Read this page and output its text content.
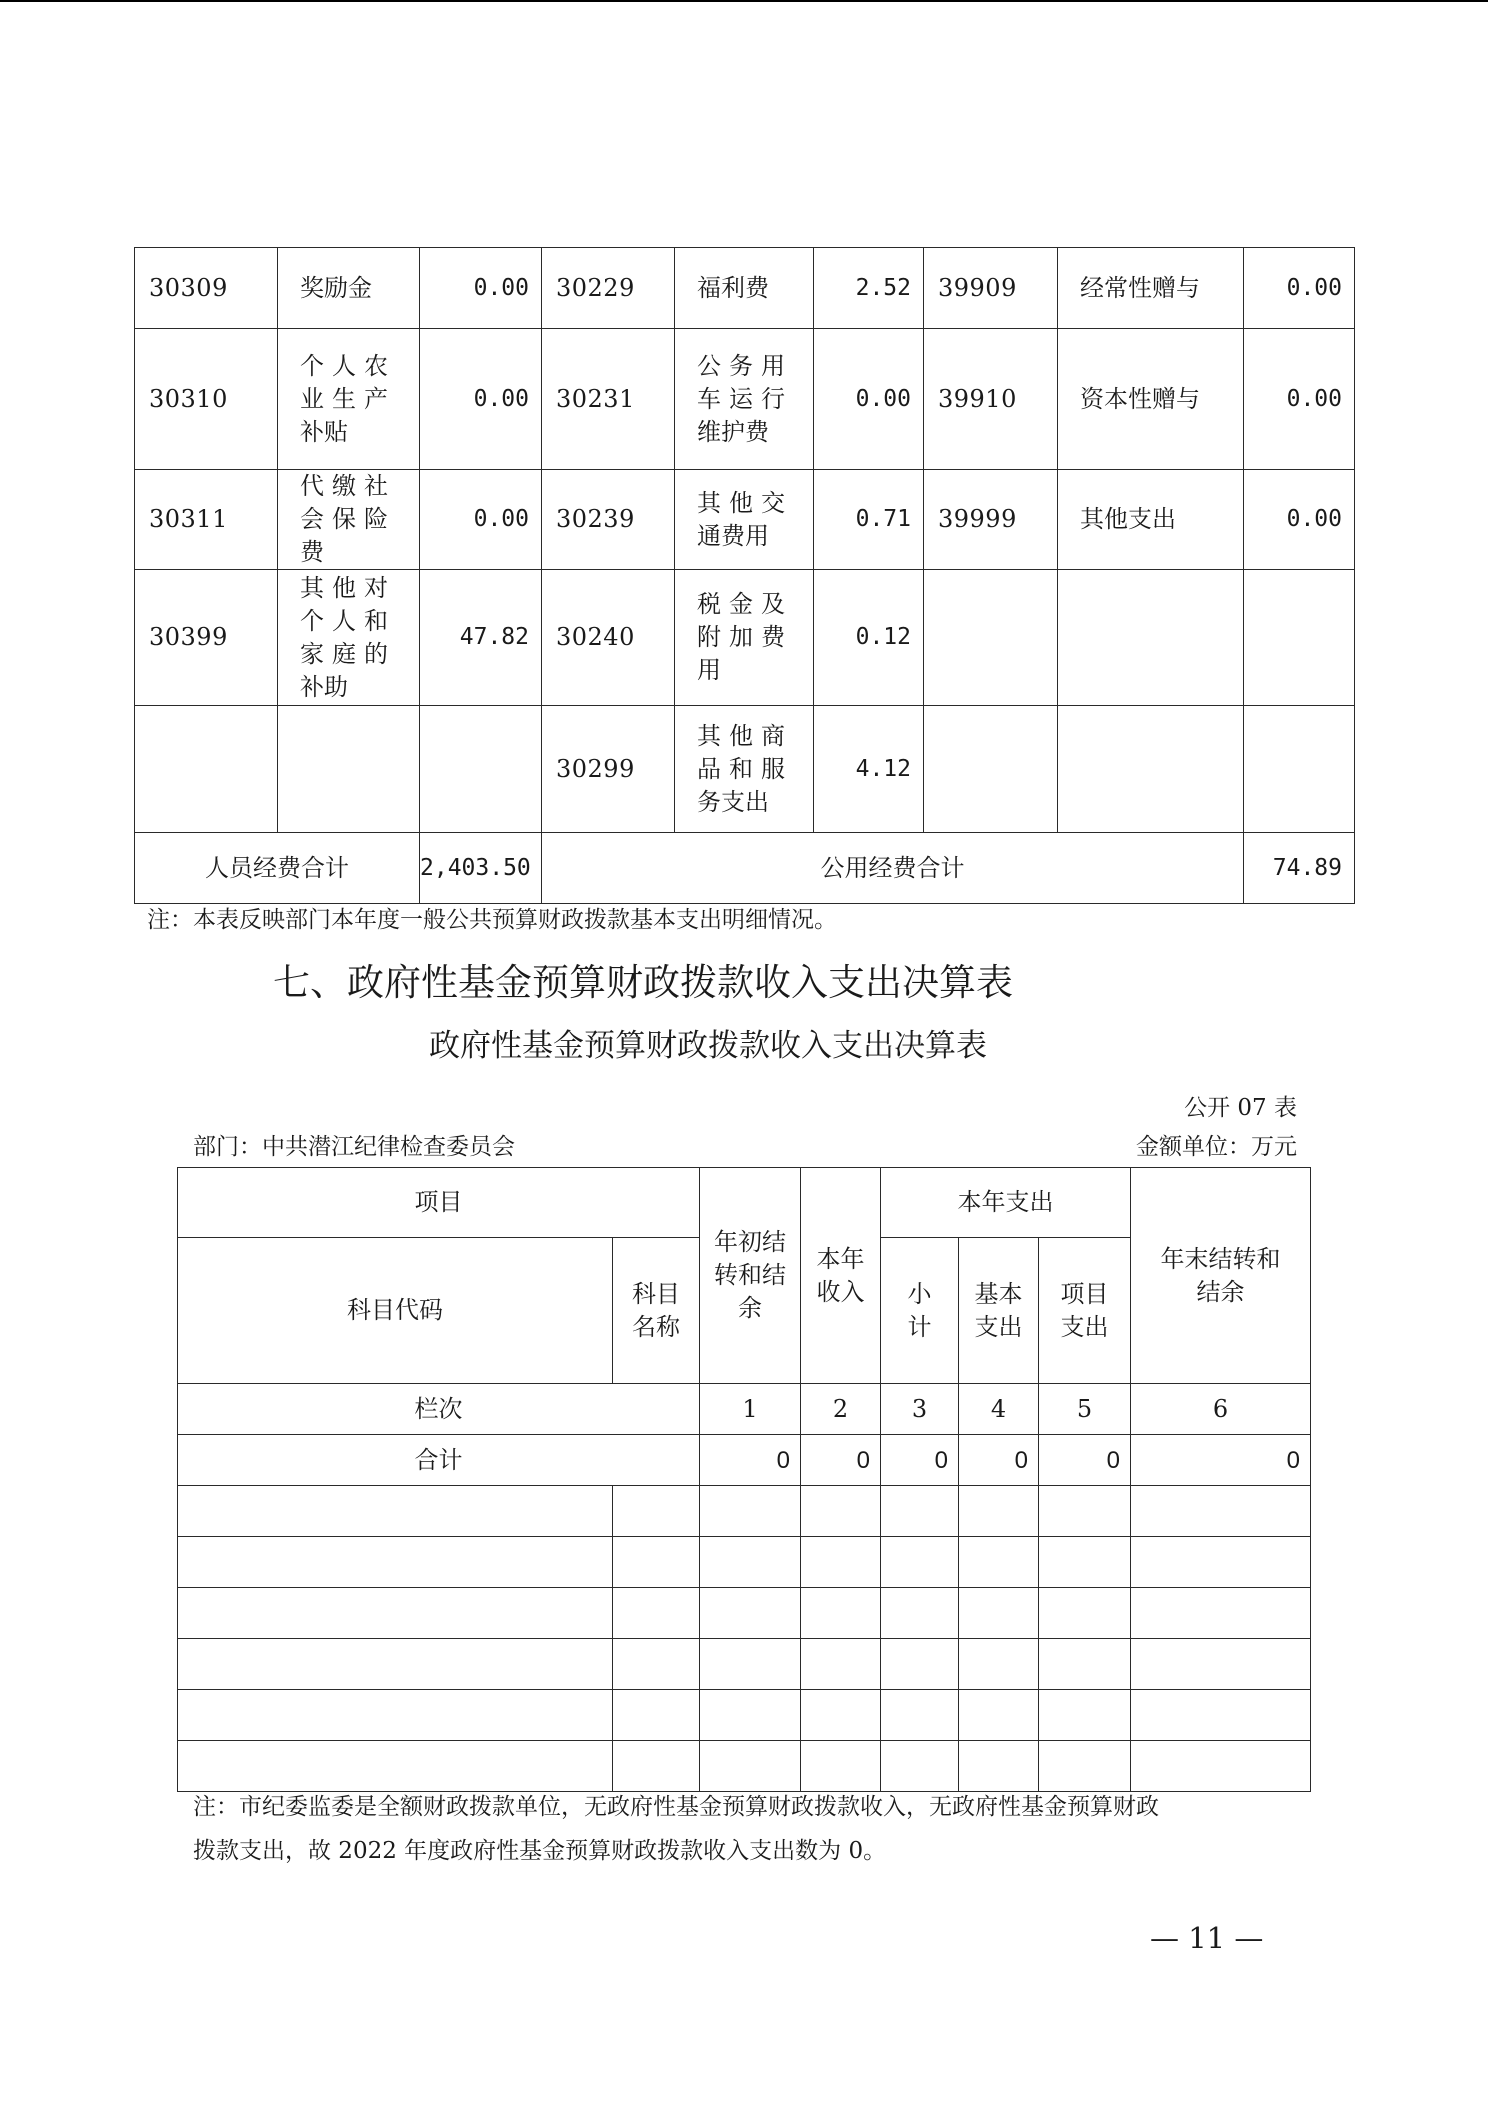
30309	奖励金	0.00	30229	福利费	2.52	39909	经常性赠与	0.00
30310	个人农业生产补贴	0.00	30231	公务用车运行维护费	0.00	39910	资本性赠与	0.00
30311	代缴社会保险费	0.00	30239	其他交通费用	0.71	39999	其他支出	0.00
30399	其他对个人和家庭的补助	47.82	30240	税金及附加费用	0.12			
			30299	其他商品和服务支出	4.12			
人员经费合计		2,403.50	公用经费合计					74.89
注：本表反映部门本年度一般公共预算财政拨款基本支出明细情况。
七、政府性基金预算财政拨款收入支出决算表
政府性基金预算财政拨款收入支出决算表
公开 07 表
部门：中共潜江纪律检查委员会	金额单位：万元
项目		年初结转和结余	本年收入	本年支出			年末结转和结余
科目代码	科目名称			小计	基本支出	项目支出	
栏次		1	2	3	4	5	6
合计		0	0	0	0	0	0

注：市纪委监委是全额财政拨款单位，无政府性基金预算财政拨款收入，无政府性基金预算财政
拨款支出，故 2022 年度政府性基金预算财政拨款收入支出数为 0。
— 11 —
